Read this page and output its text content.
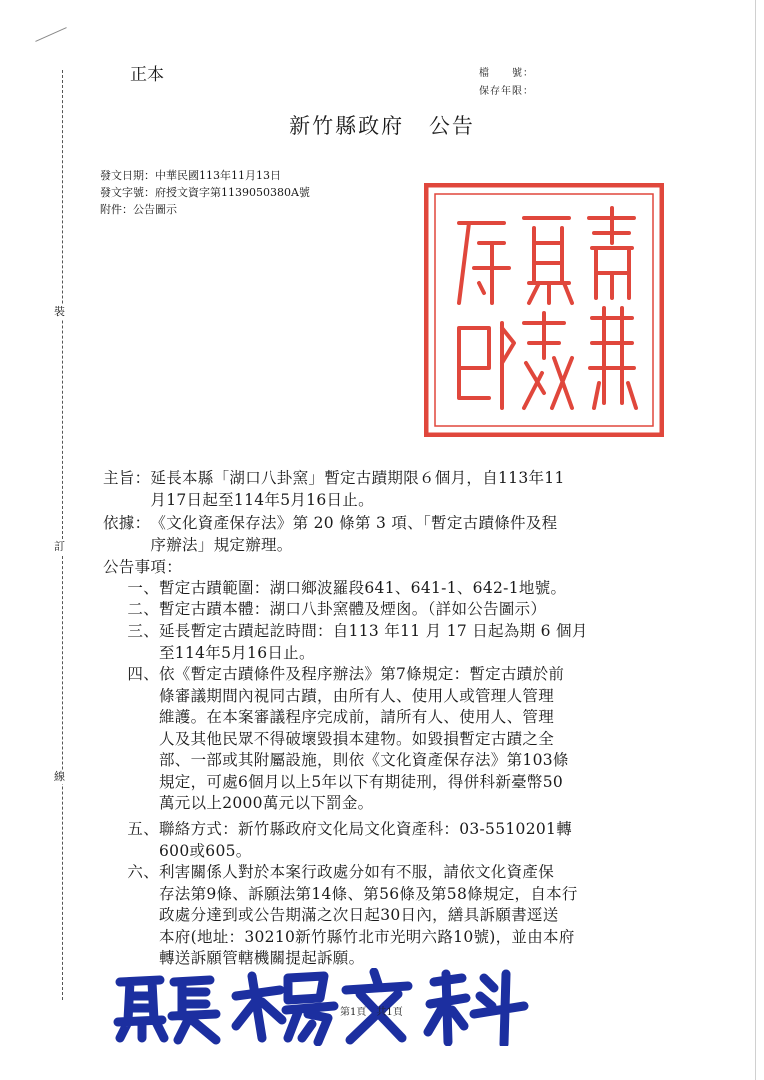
裝
訂
線
正本	檔　　號：
保存年限：
新竹縣政府 公告
發文日期：中華民國113年11月13日
發文字號：府授文資字第1139050380A號
附件：公告圖示
主旨： 延長本縣「湖口八卦窯」暫定古蹟期限６個月，自113年11
月17日起至114年5月16日止。
依據： 《文化資產保存法》第 20 條第 3 項、「暫定古蹟條件及程
序辦法」規定辦理。
公告事項：
一、 暫定古蹟範圍：湖口鄉波羅段641、641-1、642-1地號。
二、 暫定古蹟本體：湖口八卦窯體及煙囪。（詳如公告圖示）
三、 延長暫定古蹟起訖時間：自113 年11 月 17 日起為期 6 個月
至114年5月16日止。
四、 依《暫定古蹟條件及程序辦法》第7條規定：暫定古蹟於前
條審議期間內視同古蹟，由所有人、使用人或管理人管理
維護。在本案審議程序完成前，請所有人、使用人、管理
人及其他民眾不得破壞毀損本建物。如毀損暫定古蹟之全
部、一部或其附屬設施，則依《文化資產保存法》第103條
規定，可處6個月以上5年以下有期徒刑，得併科新臺幣50
萬元以上2000萬元以下罰金。
五、 聯絡方式：新竹縣政府文化局文化資產科：03-5510201轉
600或605。
六、 利害關係人對於本案行政處分如有不服，請依文化資產保
存法第9條、訴願法第14條、第56條及第58條規定，自本行
政處分達到或公告期滿之次日起30日內，繕具訴願書逕送
本府(地址：30210新竹縣竹北市光明六路10號)，並由本府
轉送訴願管轄機關提起訴願。
第1頁　共1頁
